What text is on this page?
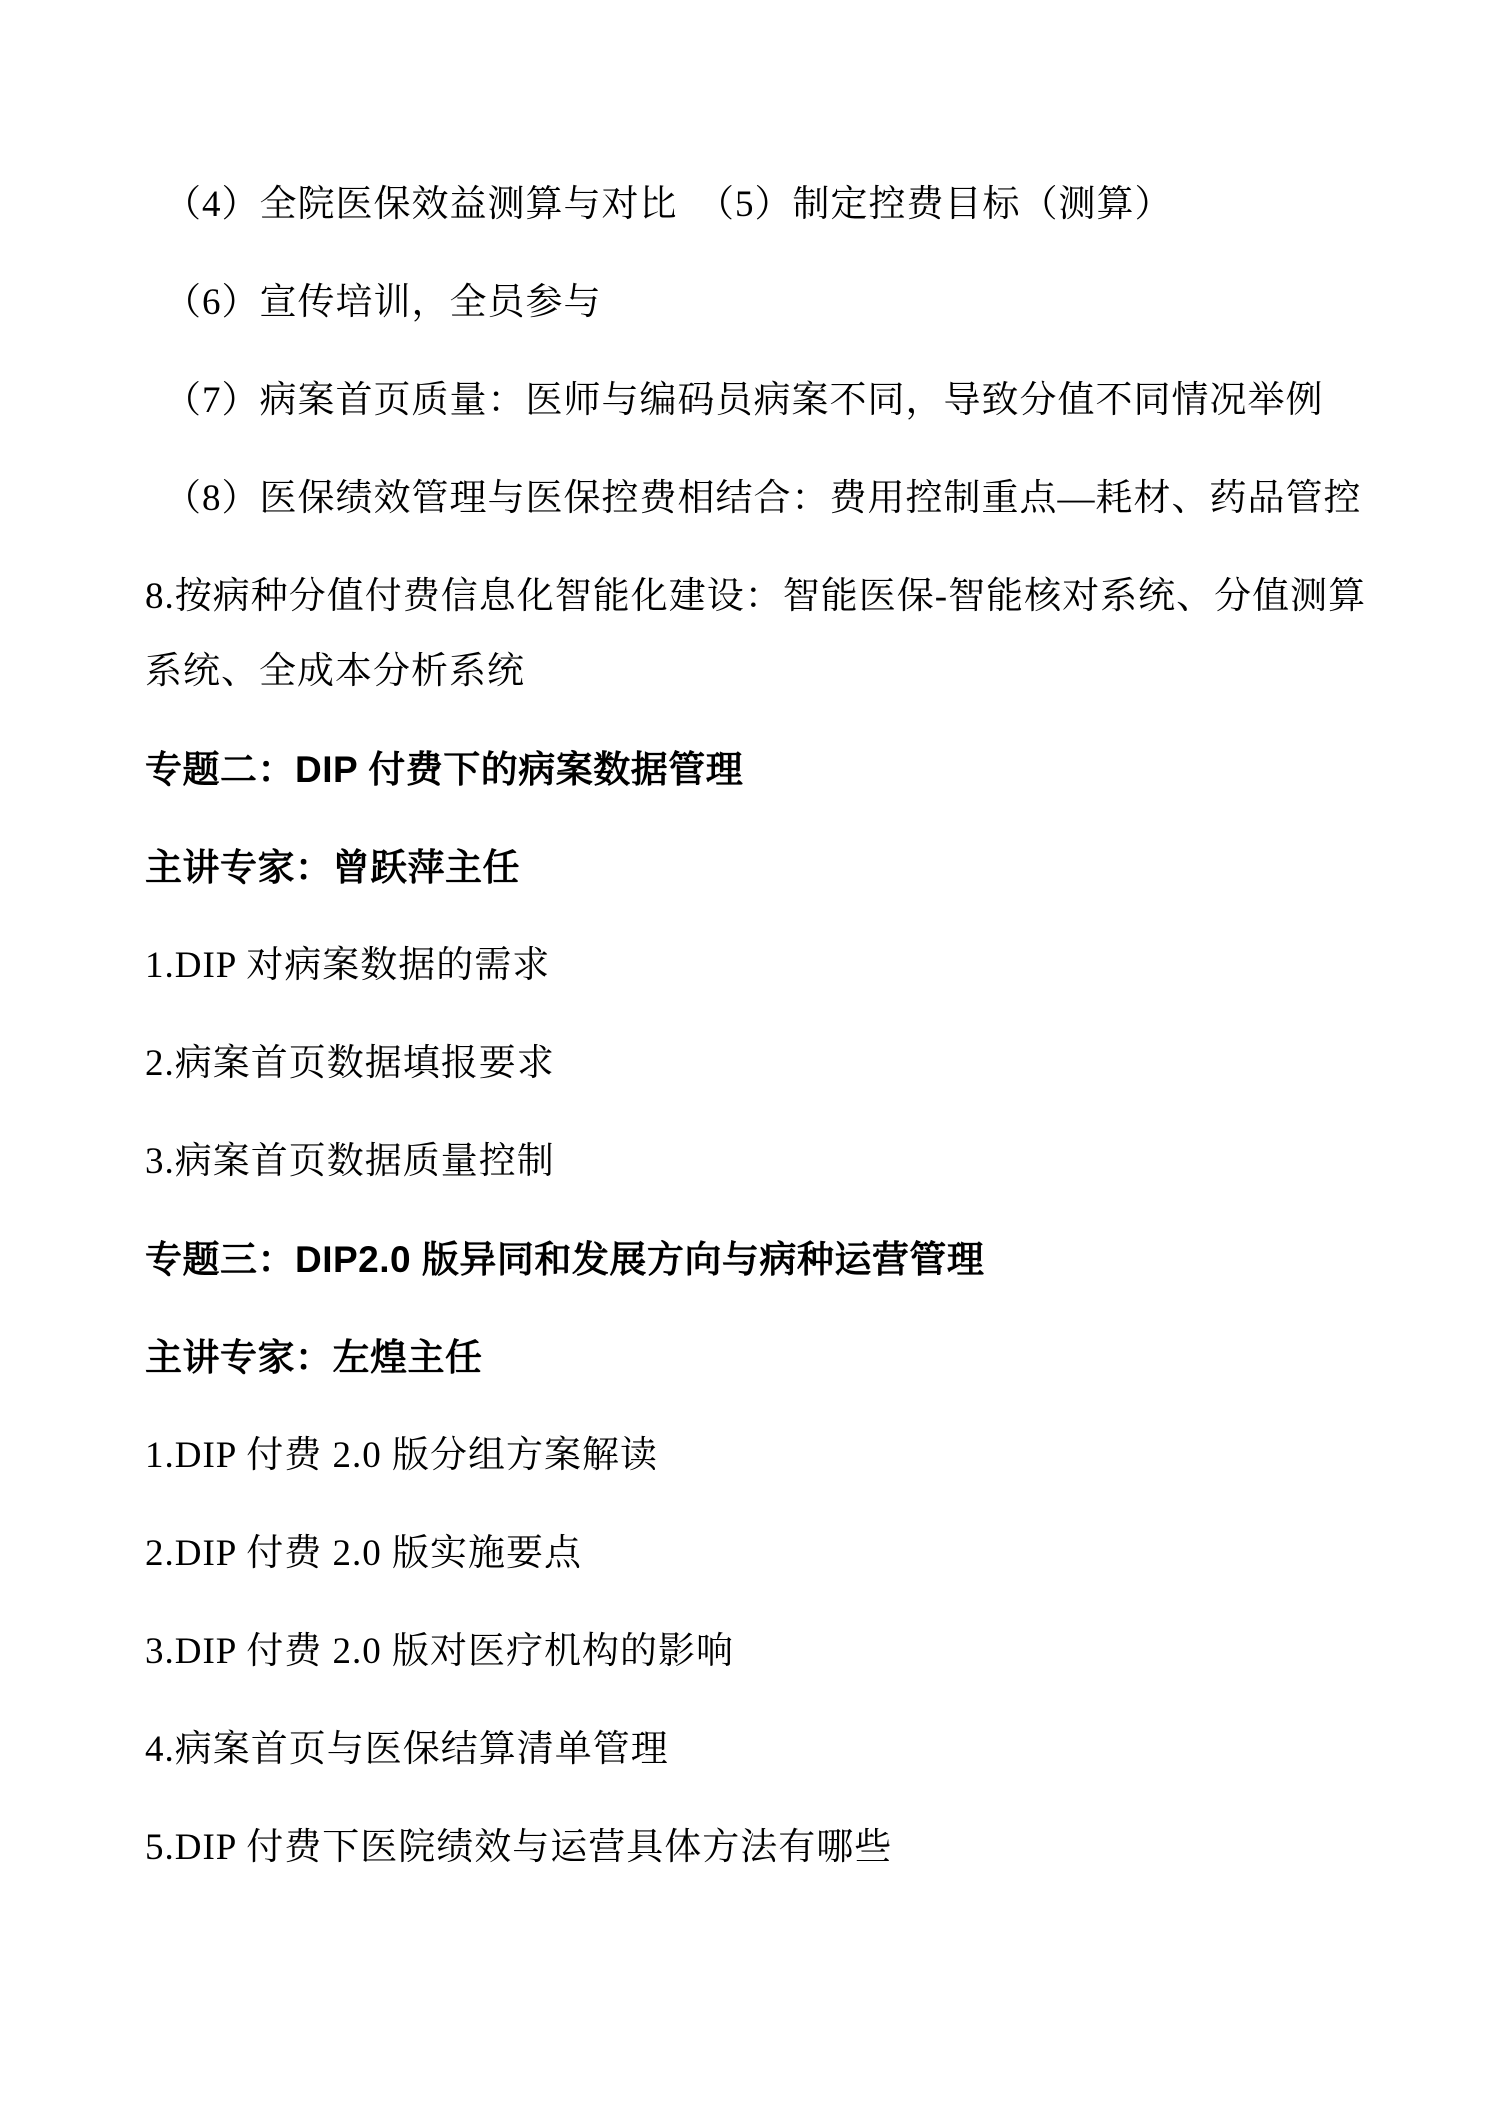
（4）全院医保效益测算与对比　（5）制定控费目标（测算）
（6）宣传培训，全员参与
（7）病案首页质量：医师与编码员病案不同，导致分值不同情况举例
（8）医保绩效管理与医保控费相结合：费用控制重点—耗材、药品管控
8.按病种分值付费信息化智能化建设：智能医保-智能核对系统、分值测算
系统、全成本分析系统
专题二：DIP 付费下的病案数据管理
主讲专家：曾跃萍主任
1.DIP 对病案数据的需求
2.病案首页数据填报要求
3.病案首页数据质量控制
专题三：DIP2.0 版异同和发展方向与病种运营管理
主讲专家：左煌主任
1.DIP 付费 2.0 版分组方案解读
2.DIP 付费 2.0 版实施要点
3.DIP 付费 2.0 版对医疗机构的影响
4.病案首页与医保结算清单管理
5.DIP 付费下医院绩效与运营具体方法有哪些
